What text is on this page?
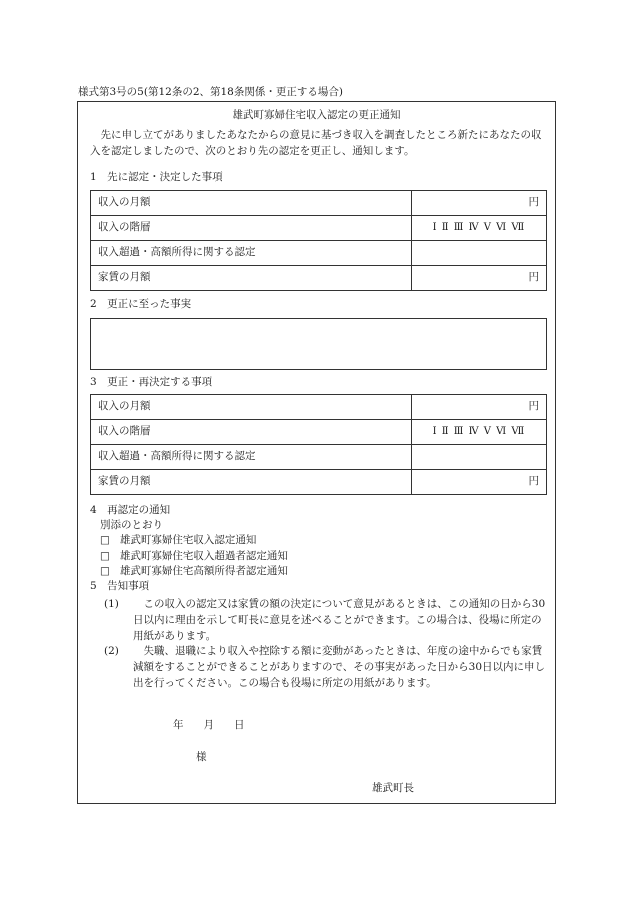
様式第3号の5(第12条の2、第18条関係・更正する場合)
雄武町寡婦住宅収入認定の更正通知
先に申し立てがありましたあなたからの意見に基づき収入を調査したところ新たにあなたの収入を認定しましたので、次のとおり先の認定を更正し、通知します。
1　先に認定・決定した事項
収入の月額	円
収入の階層	Ⅰ Ⅱ Ⅲ Ⅳ Ⅴ Ⅵ Ⅶ
収入超過・高額所得に関する認定	
家賃の月額	円
2　更正に至った事実
3　更正・再決定する事項
収入の月額	円
収入の階層	Ⅰ Ⅱ Ⅲ Ⅳ Ⅴ Ⅵ Ⅶ
収入超過・高額所得に関する認定	
家賃の月額	円
4　再認定の通知
別添のとおり
□ 雄武町寡婦住宅収入認定通知
□ 雄武町寡婦住宅収入超過者認定通知
□ 雄武町寡婦住宅高額所得者認定通知
5　告知事項
(1)	この収入の認定又は家賃の額の決定について意見があるときは、この通知の日から30日以内に理由を示して町長に意見を述べることができます。この場合は、役場に所定の用紙があります。
(2)	失職、退職により収入や控除する額に変動があったときは、年度の途中からでも家賃減額をすることができることがありますので、その事実があった日から30日以内に申し出を行ってください。この場合も役場に所定の用紙があります。
年 月 日
様
雄武町長
